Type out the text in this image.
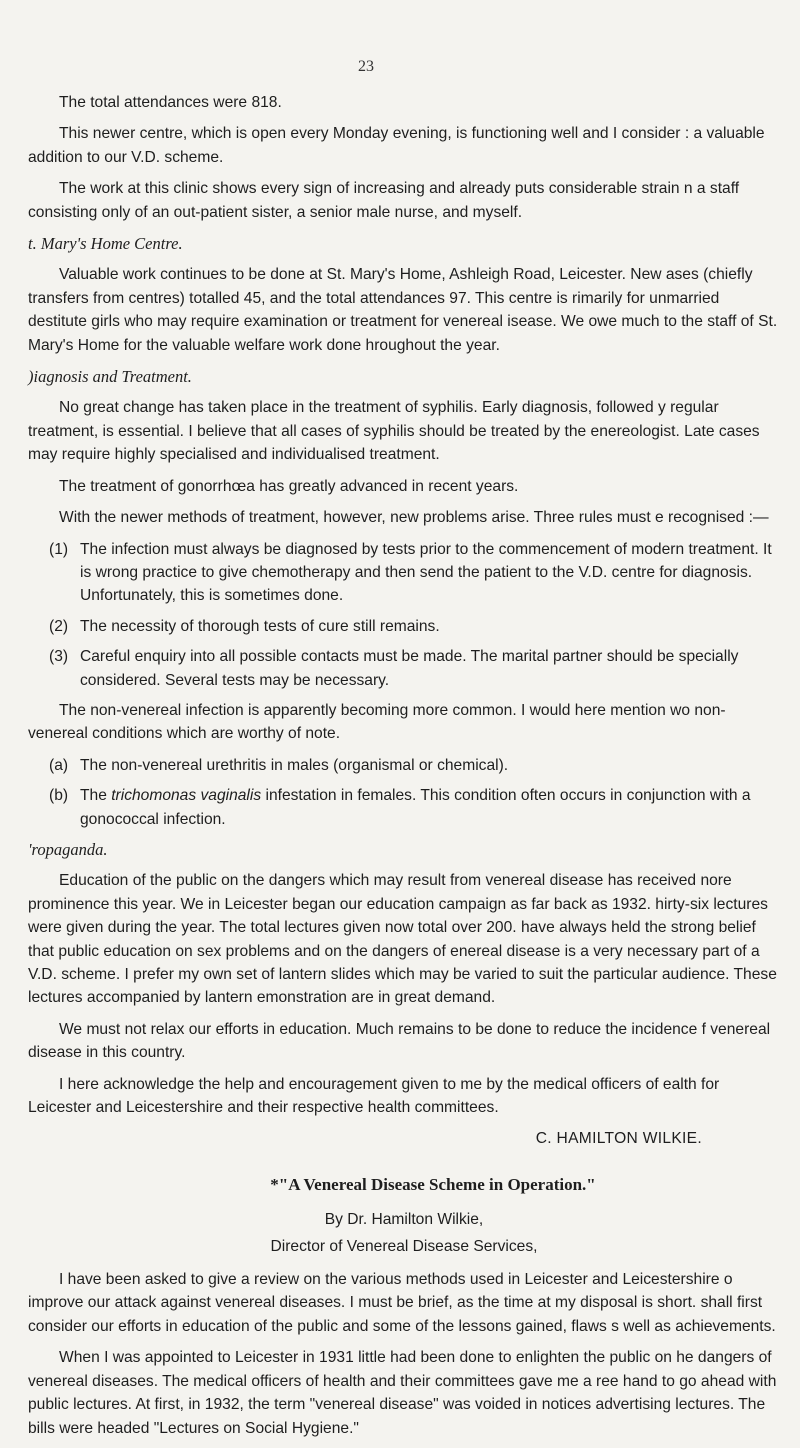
23

The total attendances were 818.

This newer centre, which is open every Monday evening, is functioning well and I consider : a valuable addition to our V.D. scheme.

The work at this clinic shows every sign of increasing and already puts considerable strain n a staff consisting only of an out-patient sister, a senior male nurse, and myself.

t. Mary's Home Centre.

Valuable work continues to be done at St. Mary's Home, Ashleigh Road, Leicester. New ases (chiefly transfers from centres) totalled 45, and the total attendances 97. This centre is rimarily for unmarried destitute girls who may require examination or treatment for venereal isease. We owe much to the staff of St. Mary's Home for the valuable welfare work done hroughout the year.

)iagnosis and Treatment.

No great change has taken place in the treatment of syphilis. Early diagnosis, followed y regular treatment, is essential. I believe that all cases of syphilis should be treated by the enereologist. Late cases may require highly specialised and individualised treatment.

The treatment of gonorrhœa has greatly advanced in recent years.

With the newer methods of treatment, however, new problems arise. Three rules must e recognised :—

(1) The infection must always be diagnosed by tests prior to the commencement of modern treatment. It is wrong practice to give chemotherapy and then send the patient to the V.D. centre for diagnosis. Unfortunately, this is sometimes done.
(2) The necessity of thorough tests of cure still remains.
(3) Careful enquiry into all possible contacts must be made. The marital partner should be specially considered. Several tests may be necessary.

The non-venereal infection is apparently becoming more common. I would here mention wo non-venereal conditions which are worthy of note.

(a) The non-venereal urethritis in males (organismal or chemical).
(b) The trichomonas vaginalis infestation in females. This condition often occurs in conjunction with a gonococcal infection.
'ropaganda.

Education of the public on the dangers which may result from venereal disease has received nore prominence this year. We in Leicester began our education campaign as far back as 1932. hirty-six lectures were given during the year. The total lectures given now total over 200. have always held the strong belief that public education on sex problems and on the dangers of enereal disease is a very necessary part of a V.D. scheme. I prefer my own set of lantern slides which may be varied to suit the particular audience. These lectures accompanied by lantern emonstration are in great demand.

We must not relax our efforts in education. Much remains to be done to reduce the incidence f venereal disease in this country.

I here acknowledge the help and encouragement given to me by the medical officers of ealth for Leicester and Leicestershire and their respective health committees.

C. HAMILTON WILKIE.
*"A Venereal Disease Scheme in Operation."
By Dr. Hamilton Wilkie,
Director of Venereal Disease Services,

I have been asked to give a review on the various methods used in Leicester and Leicestershire o improve our attack against venereal diseases. I must be brief, as the time at my disposal is short. shall first consider our efforts in education of the public and some of the lessons gained, flaws s well as achievements.

When I was appointed to Leicester in 1931 little had been done to enlighten the public on he dangers of venereal diseases. The medical officers of health and their committees gave me a ree hand to go ahead with public lectures. At first, in 1932, the term "venereal disease" was voided in notices advertising lectures. The bills were headed "Lectures on Social Hygiene."
